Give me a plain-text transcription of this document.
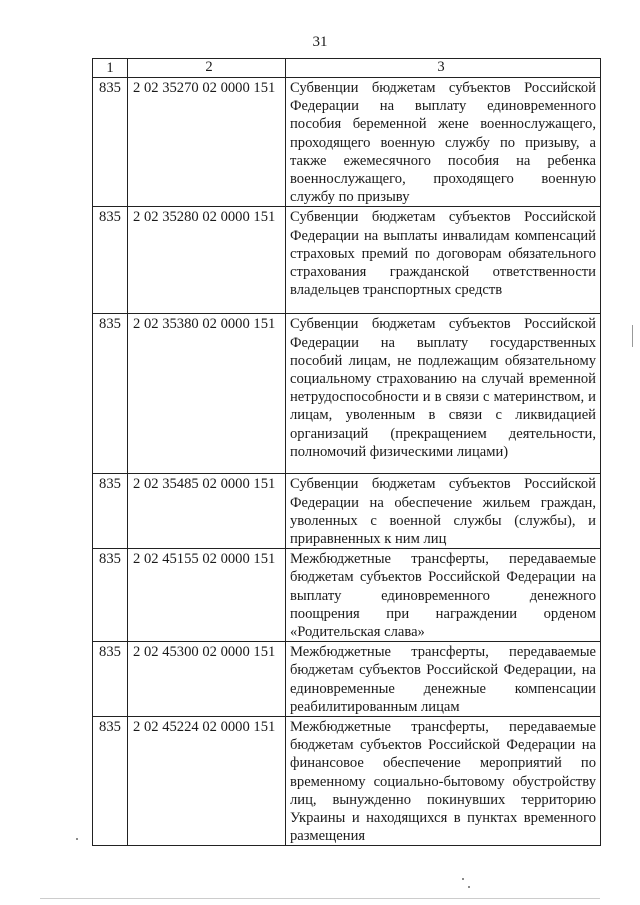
31
1	2	3
835	2 02 35270 02 0000 151	Субвенции бюджетам субъектов Российской Федерации на выплату единовременного пособия беременной жене военнослужащего, проходящего военную службу по призыву, а также ежемесячного пособия на ребенка военнослужащего, проходящего военную службу по призыву
835	2 02 35280 02 0000 151	Субвенции бюджетам субъектов Российской Федерации на выплаты инвалидам компенсаций страховых премий по договорам обязательного страхования гражданской ответственности владельцев транспортных средств
835	2 02 35380 02 0000 151	Субвенции бюджетам субъектов Российской Федерации на выплату государственных пособий лицам, не подлежащим обязательному социальному страхованию на случай временной нетрудоспособности и в связи с материнством, и лицам, уволенным в связи с ликвидацией организаций (прекращением деятельности, полномочий физическими лицами)
835	2 02 35485 02 0000 151	Субвенции бюджетам субъектов Российской Федерации на обеспечение жильем граждан, уволенных с военной службы (службы), и приравненных к ним лиц
835	2 02 45155 02 0000 151	Межбюджетные трансферты, передаваемые бюджетам субъектов Российской Федерации на выплату единовременного денежного поощрения при награждении орденом «Родительская слава»
835	2 02 45300 02 0000 151	Межбюджетные трансферты, передаваемые бюджетам субъектов Российской Федерации, на единовременные денежные компенсации реабилитированным лицам
835	2 02 45224 02 0000 151	Межбюджетные трансферты, передаваемые бюджетам субъектов Российской Федерации на финансовое обеспечение мероприятий по временному социально-бытовому обустройству лиц, вынужденно покинувших территорию Украины и находящихся в пунктах временного размещения
